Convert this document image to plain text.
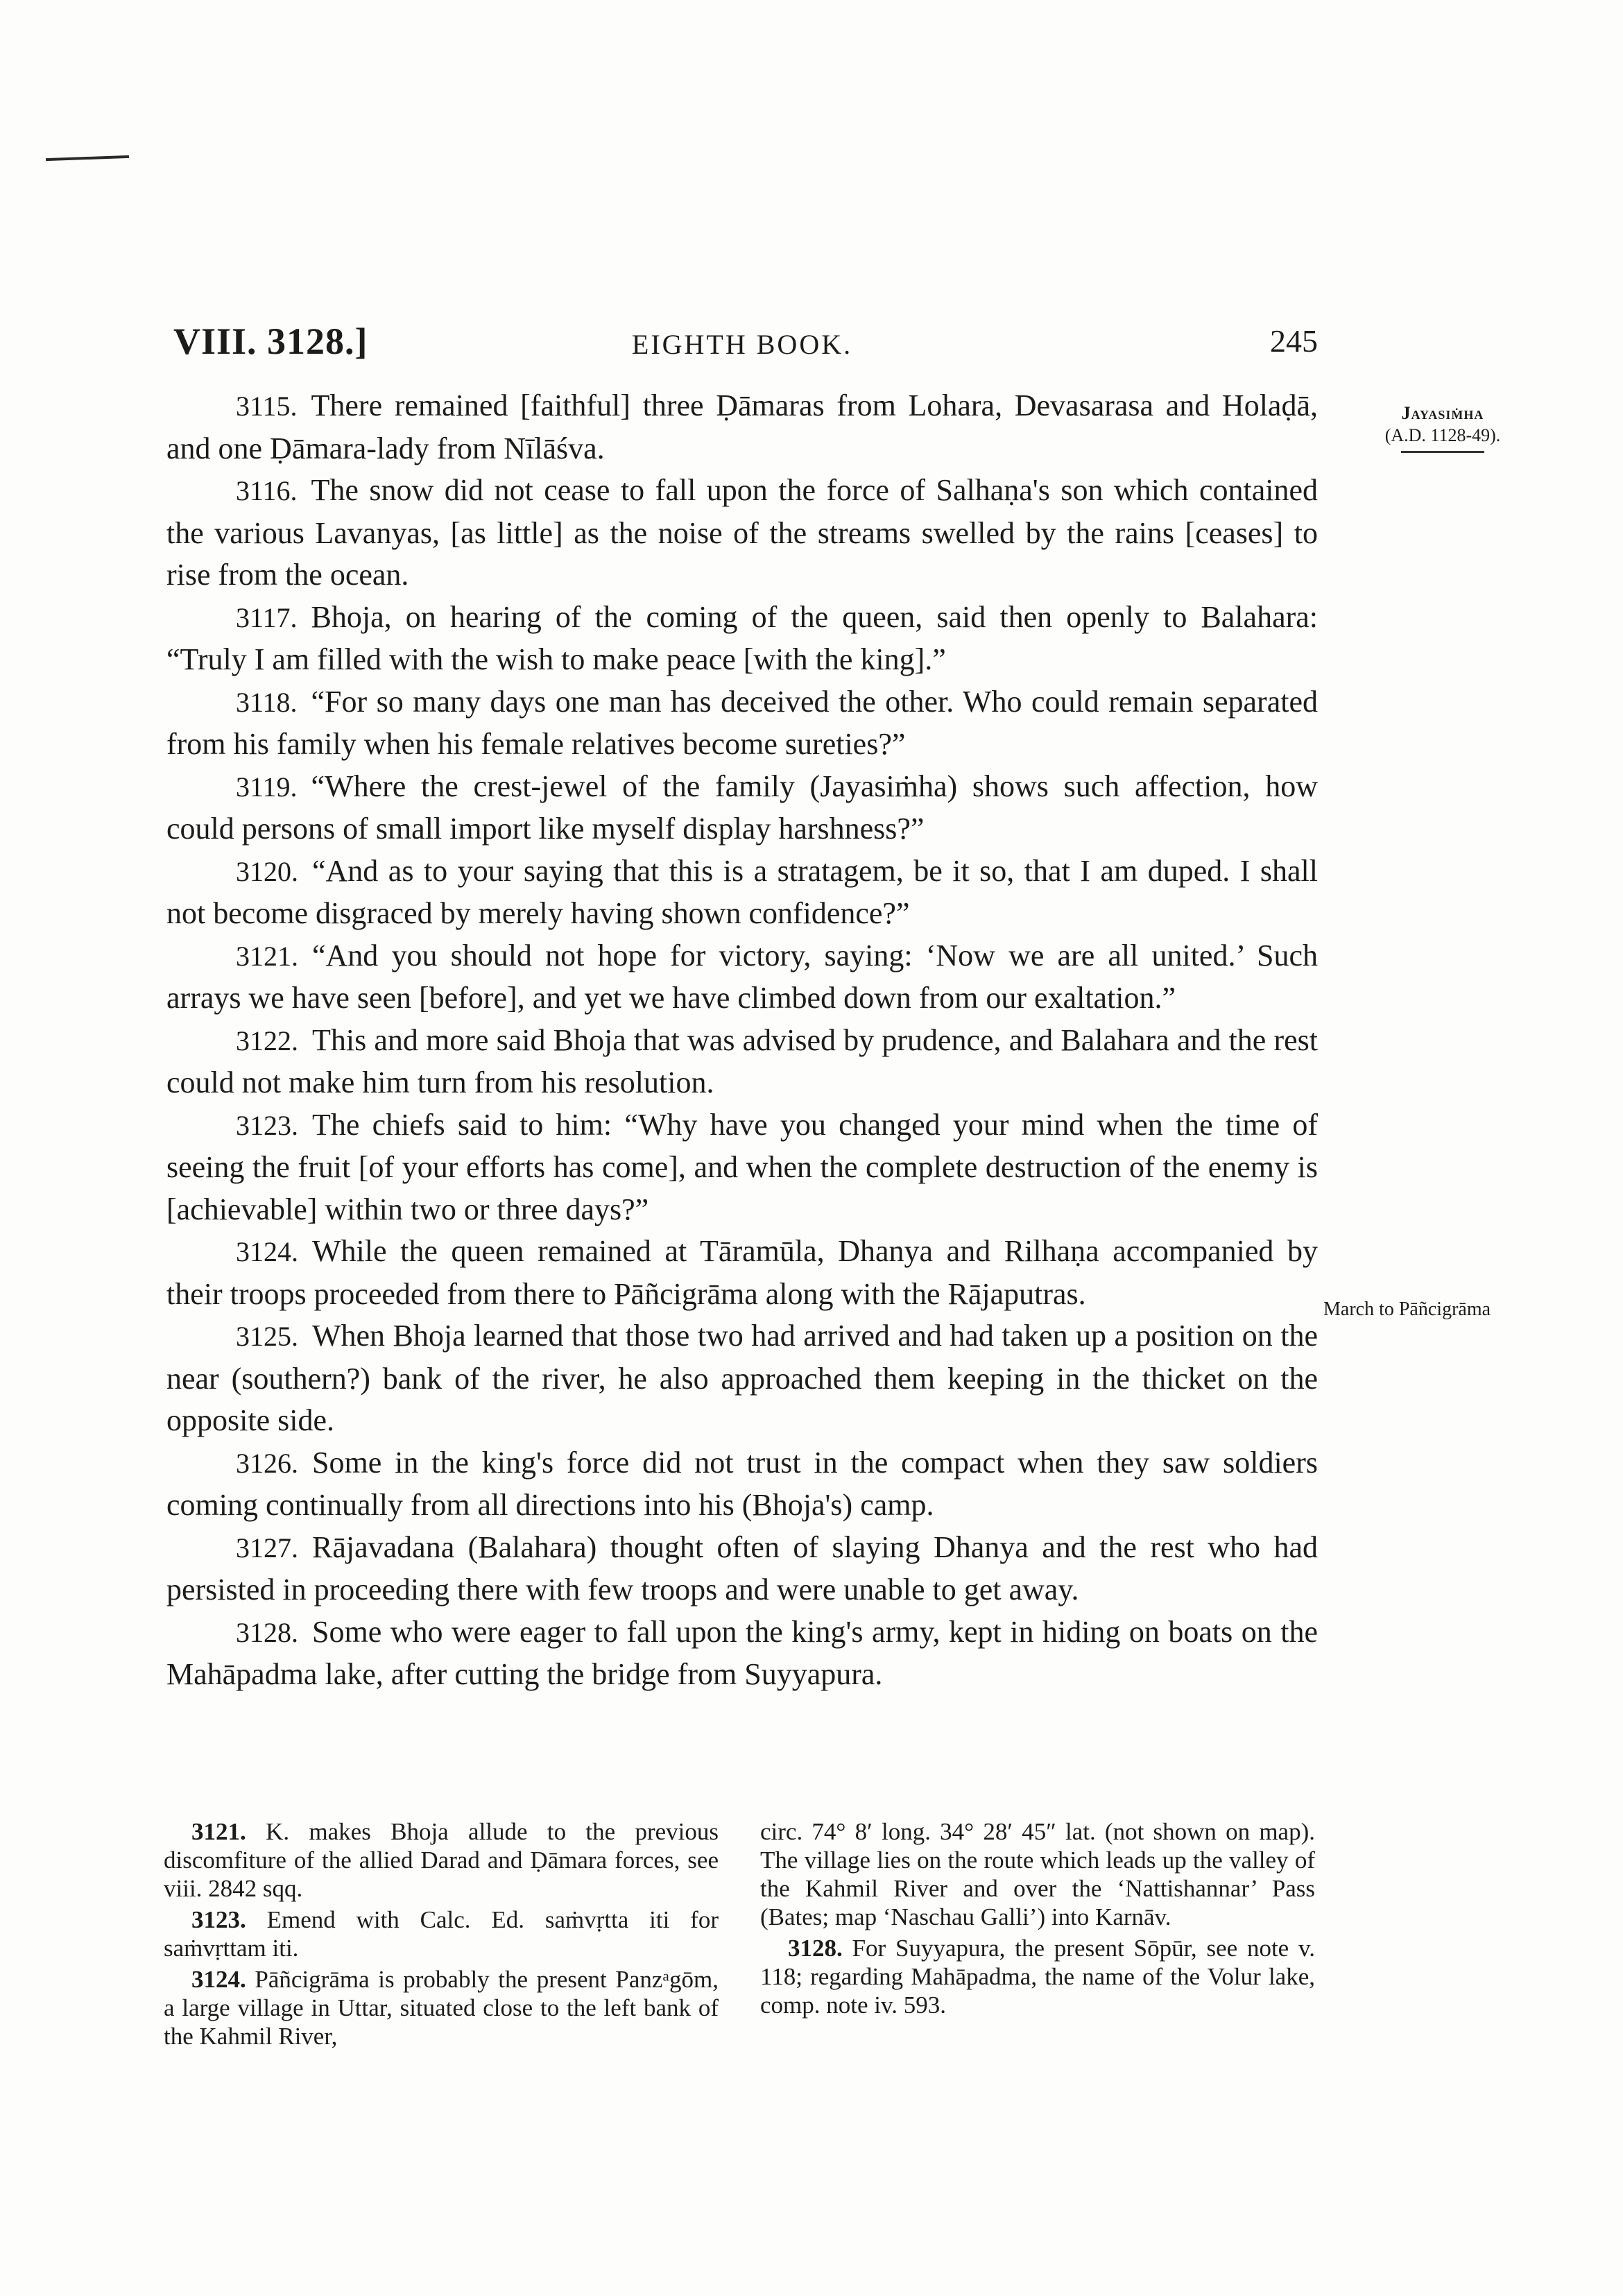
VIII. 3128.]	EIGHTH BOOK.	245
Jayasiṁha
(A.D. 1128-49).
March to Pāñcigrāma

3115. There remained [faithful] three Ḍāmaras from Lohara, Devasarasa and Holaḍā, and one Ḍāmara-lady from Nīlāśva.

3116. The snow did not cease to fall upon the force of Salhaṇa's son which contained the various Lavanyas, [as little] as the noise of the streams swelled by the rains [ceases] to rise from the ocean.

3117. Bhoja, on hearing of the coming of the queen, said then openly to Balahara: “Truly I am filled with the wish to make peace [with the king].”

3118. “For so many days one man has deceived the other. Who could remain separated from his family when his female relatives become sureties?”

3119. “Where the crest-jewel of the family (Jayasiṁha) shows such affection, how could persons of small import like myself display harshness?”

3120. “And as to your saying that this is a stratagem, be it so, that I am duped. I shall not become disgraced by merely having shown confidence?”

3121. “And you should not hope for victory, saying: ‘Now we are all united.’ Such arrays we have seen [before], and yet we have climbed down from our exaltation.”

3122. This and more said Bhoja that was advised by prudence, and Balahara and the rest could not make him turn from his resolution.

3123. The chiefs said to him: “Why have you changed your mind when the time of seeing the fruit [of your efforts has come], and when the complete destruction of the enemy is [achievable] within two or three days?”

3124. While the queen remained at Tāramūla, Dhanya and Rilhaṇa accompanied by their troops proceeded from there to Pāñcigrāma along with the Rājaputras.

3125. When Bhoja learned that those two had arrived and had taken up a position on the near (southern?) bank of the river, he also approached them keeping in the thicket on the opposite side.

3126. Some in the king's force did not trust in the compact when they saw soldiers coming continually from all directions into his (Bhoja's) camp.

3127. Rājavadana (Balahara) thought often of slaying Dhanya and the rest who had persisted in proceeding there with few troops and were unable to get away.

3128. Some who were eager to fall upon the king's army, kept in hiding on boats on the Mahāpadma lake, after cutting the bridge from Suyyapura.

3121. K. makes Bhoja allude to the previous discomfiture of the allied Darad and Ḍāmara forces, see viii. 2842 sqq.

3123. Emend with Calc. Ed. saṁvṛtta iti for saṁvṛttam iti.

3124. Pāñcigrāma is probably the present Panzᵃgōm, a large village in Uttar, situated close to the left bank of the Kahmil River,

circ. 74° 8′ long. 34° 28′ 45″ lat. (not shown on map). The village lies on the route which leads up the valley of the Kahmil River and over the ‘Nattishannar’ Pass (Bates; map ‘Naschau Galli’) into Karnāv.

3128. For Suyyapura, the present Sōpūr, see note v. 118; regarding Mahāpadma, the name of the Volur lake, comp. note iv. 593.
